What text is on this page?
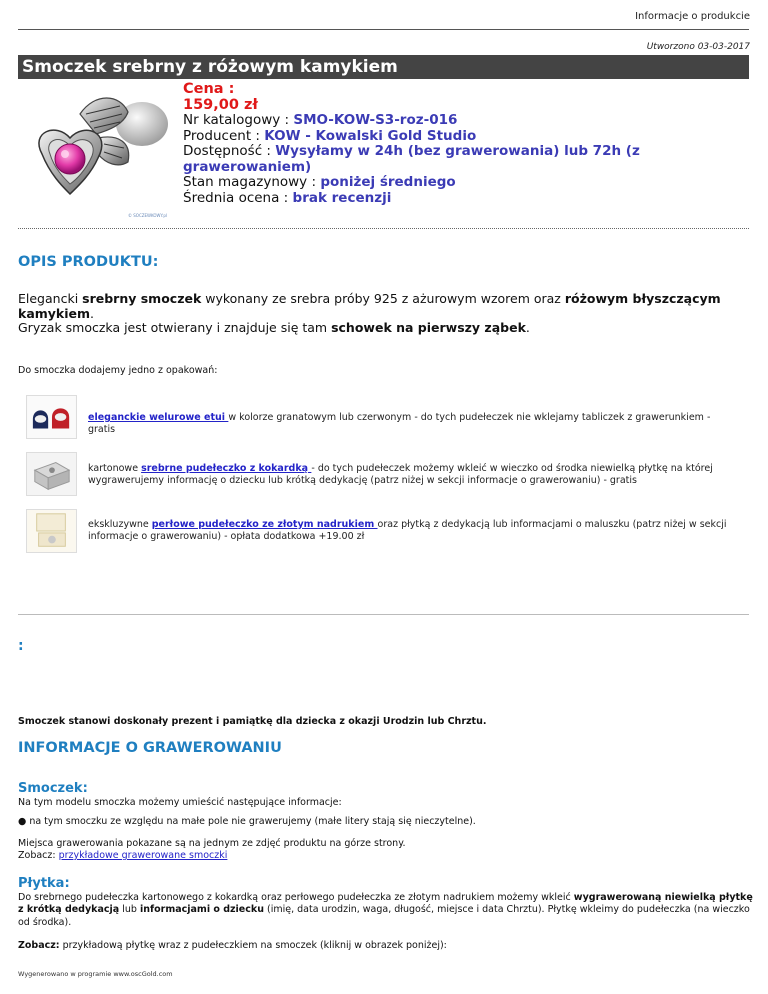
Informacje o produkcie
Utworzono 03-03-2017
Smoczek srebrny z różowym kamykiem
© SOCZEWKOWY.pl
Cena :
159,00 zł
Nr katalogowy : SMO-KOW-S3-roz-016
Producent : KOW - Kowalski Gold Studio
Dostępność : Wysyłamy w 24h (bez grawerowania) lub 72h (z grawerowaniem)
Stan magazynowy : poniżej średniego
Średnia ocena : brak recenzji
OPIS PRODUKTU:
Elegancki srebrny smoczek wykonany ze srebra próby 925 z ażurowym wzorem oraz różowym błyszczącym kamykiem.
Gryzak smoczka jest otwierany i znajduje się tam schowek na pierwszy ząbek.
Do smoczka dodajemy jedno z opakowań:
eleganckie welurowe etui w kolorze granatowym lub czerwonym - do tych pudełeczek nie wklejamy tabliczek z grawerunkiem - gratis
kartonowe srebrne pudełeczko z kokardką - do tych pudełeczek możemy wkleić w wieczko od środka niewielką płytkę na której wygrawerujemy informację o dziecku lub krótką dedykację (patrz niżej w sekcji informacje o grawerowaniu) - gratis
ekskluzywne perłowe pudełeczko ze złotym nadrukiem oraz płytką z dedykacją lub informacjami o maluszku (patrz niżej w sekcji informacje o grawerowaniu) - opłata dodatkowa +19.00 zł
:
Smoczek stanowi doskonały prezent i pamiątkę dla dziecka z okazji Urodzin lub Chrztu.
INFORMACJE O GRAWEROWANIU
Smoczek:
Na tym modelu smoczka możemy umieścić następujące informacje:
● na tym smoczku ze względu na małe pole nie grawerujemy (małe litery stają się nieczytelne).
Miejsca grawerowania pokazane są na jednym ze zdjęć produktu na górze strony.
Zobacz: przykładowe grawerowane smoczki
Płytka:
Do srebrnego pudełeczka kartonowego z kokardką oraz perłowego pudełeczka ze złotym nadrukiem możemy wkleić wygrawerowaną niewielką płytkę z krótką dedykacją lub informacjami o dziecku (imię, data urodzin, waga, długość, miejsce i data Chrztu). Płytkę wkleimy do pudełeczka (na wieczko od środka).
Zobacz: przykładową płytkę wraz z pudełeczkiem na smoczek (kliknij w obrazek poniżej):
Wygenerowano w programie www.oscGold.com
